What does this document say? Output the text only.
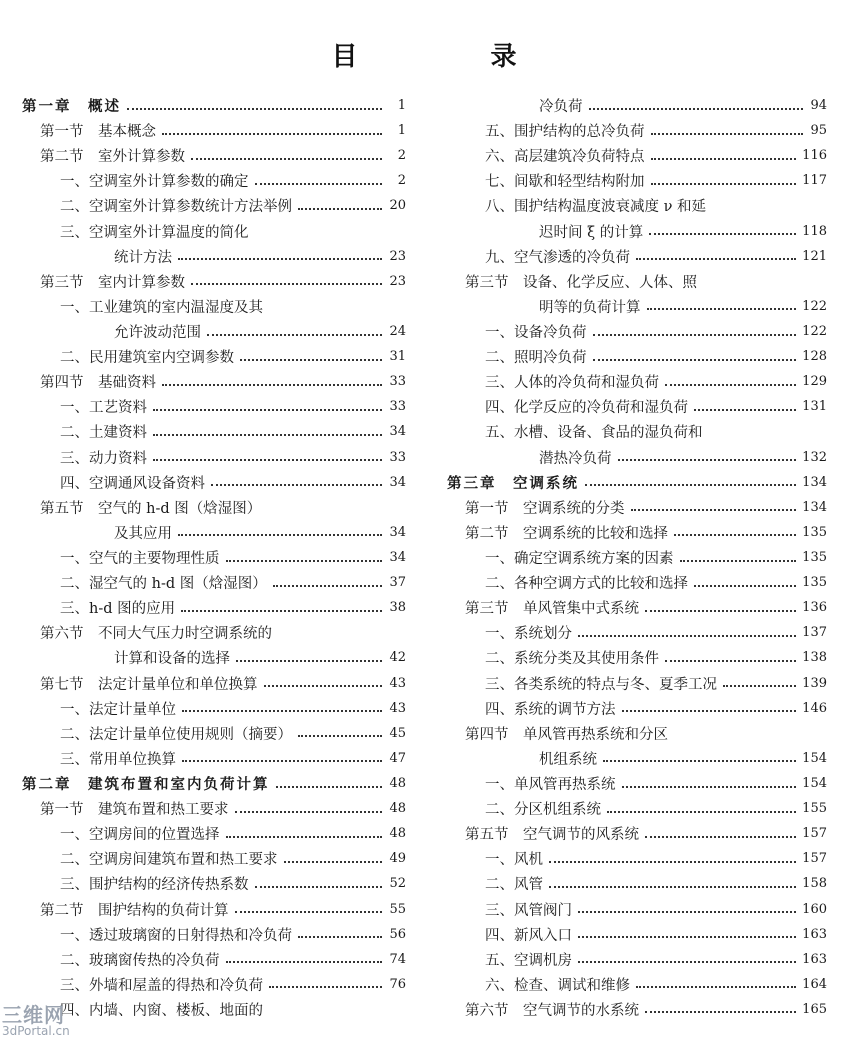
目 录
第一章　概述	1
第一节　基本概念	1
第二节　室外计算参数	2
一、空调室外计算参数的确定	2
二、空调室外计算参数统计方法举例	20
三、空调室外计算温度的简化
统计方法	23
第三节　室内计算参数	23
一、工业建筑的室内温湿度及其
允许波动范围	24
二、民用建筑室内空调参数	31
第四节　基础资料	33
一、工艺资料	33
二、土建资料	34
三、动力资料	33
四、空调通风设备资料	34
第五节　空气的 h-d 图（焓湿图）
及其应用	34
一、空气的主要物理性质	34
二、湿空气的 h-d 图（焓湿图）	37
三、h-d 图的应用	38
第六节　不同大气压力时空调系统的
计算和设备的选择	42
第七节　法定计量单位和单位换算	43
一、法定计量单位	43
二、法定计量单位使用规则（摘要）	45
三、常用单位换算	47
第二章　建筑布置和室内负荷计算	48
第一节　建筑布置和热工要求	48
一、空调房间的位置选择	48
二、空调房间建筑布置和热工要求	49
三、围护结构的经济传热系数	52
第二节　围护结构的负荷计算	55
一、透过玻璃窗的日射得热和冷负荷	56
二、玻璃窗传热的冷负荷	74
三、外墙和屋盖的得热和冷负荷	76
四、内墙、内窗、楼板、地面的
冷负荷	94
五、围护结构的总冷负荷	95
六、高层建筑冷负荷特点	116
七、间歇和轻型结构附加	117
八、围护结构温度波衰减度 ν 和延
迟时间 ξ 的计算	118
九、空气渗透的冷负荷	121
第三节　设备、化学反应、人体、照
明等的负荷计算	122
一、设备冷负荷	122
二、照明冷负荷	128
三、人体的冷负荷和湿负荷	129
四、化学反应的冷负荷和湿负荷	131
五、水槽、设备、食品的湿负荷和
潜热冷负荷	132
第三章　空调系统	134
第一节　空调系统的分类	134
第二节　空调系统的比较和选择	135
一、确定空调系统方案的因素	135
二、各种空调方式的比较和选择	135
第三节　单风管集中式系统	136
一、系统划分	137
二、系统分类及其使用条件	138
三、各类系统的特点与冬、夏季工况	139
四、系统的调节方法	146
第四节　单风管再热系统和分区
机组系统	154
一、单风管再热系统	154
二、分区机组系统	155
第五节　空气调节的风系统	157
一、风机	157
二、风管	158
三、风管阀门	160
四、新风入口	163
五、空调机房	163
六、检查、调试和维修	164
第六节　空气调节的水系统	165
三维网
3dPortal.cn
